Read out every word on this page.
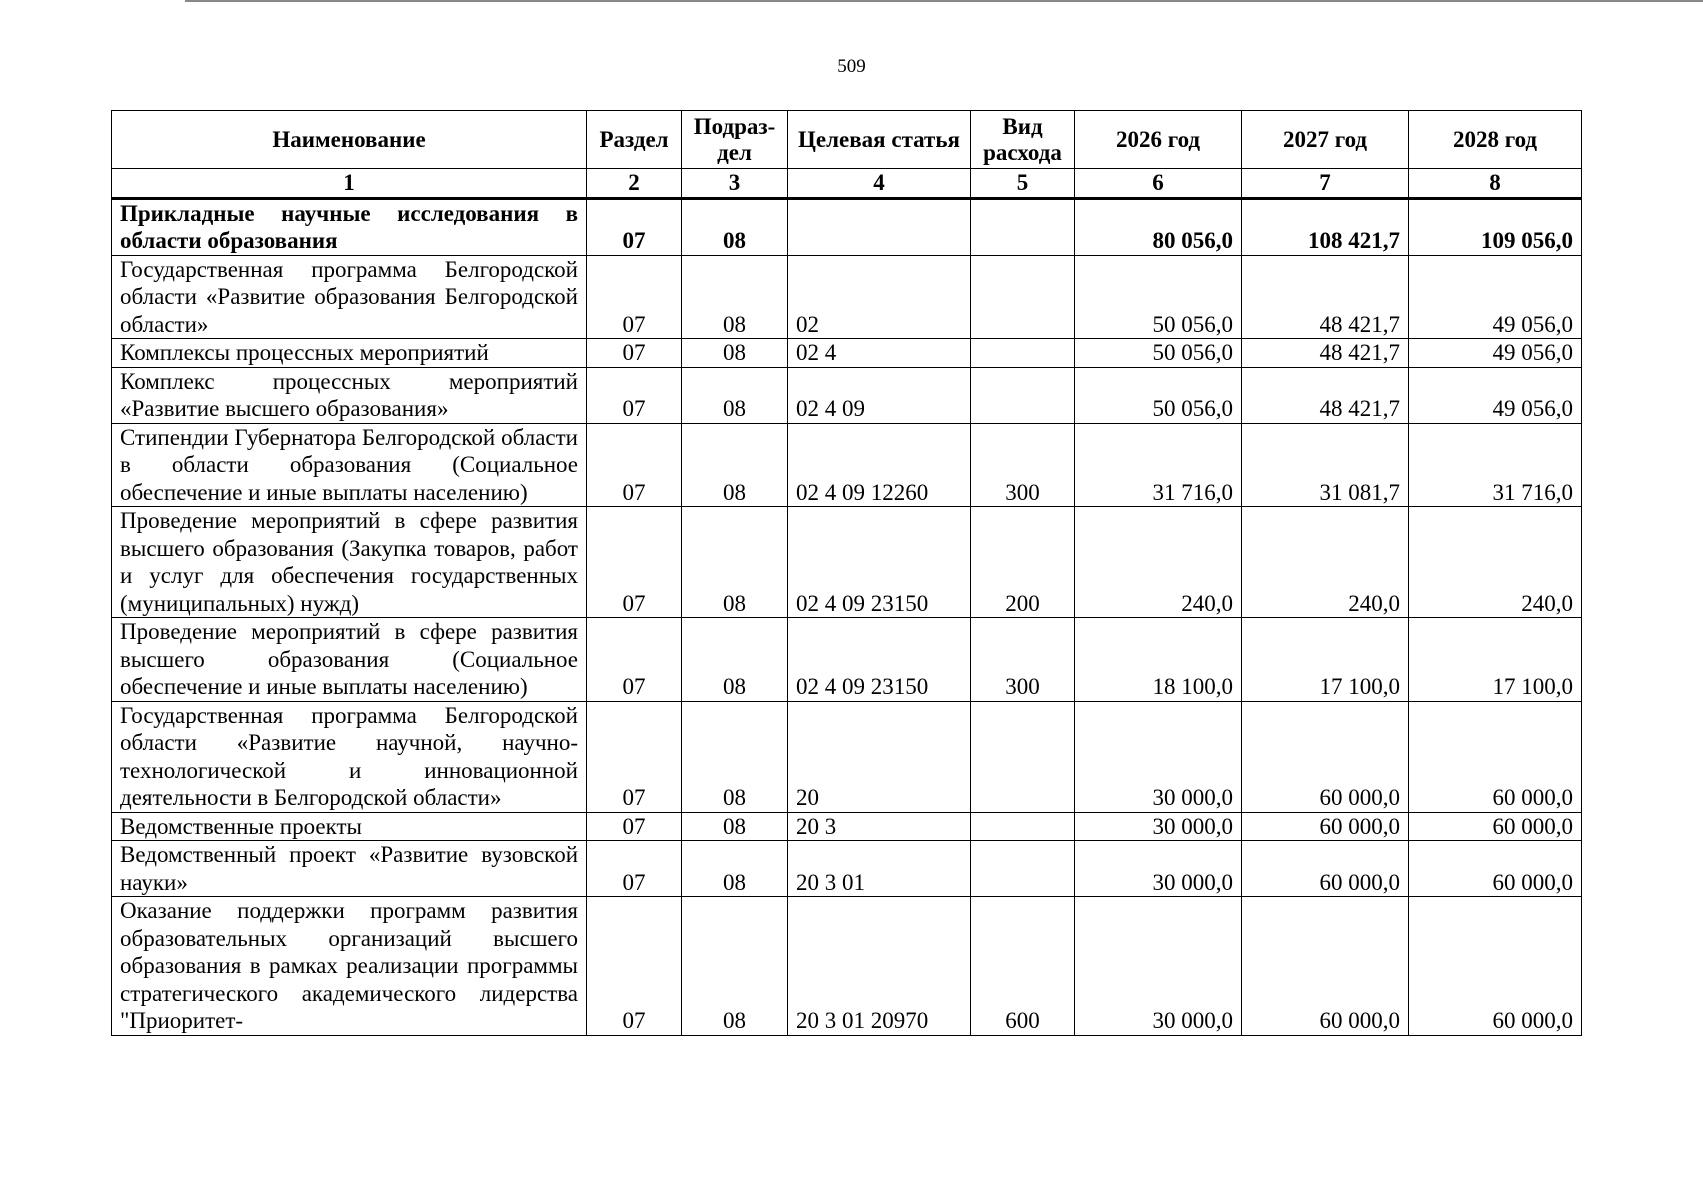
509
Наименование	Раздел	Подраз-дел	Целевая статья	Вид расхода	2026 год	2027 год	2028 год
1	2	3	4	5	6	7	8
Прикладные научные исследования в области образования	07	08			80 056,0	108 421,7	109 056,0
Государственная программа Белгородской области «Развитие образования Белгородской области»	07	08	02		50 056,0	48 421,7	49 056,0
Комплексы процессных мероприятий	07	08	02 4		50 056,0	48 421,7	49 056,0
Комплекс процессных мероприятий «Развитие высшего образования»	07	08	02 4 09		50 056,0	48 421,7	49 056,0
Стипендии Губернатора Белгородской области в области образования (Социальное обеспечение и иные выплаты населению)	07	08	02 4 09 12260	300	31 716,0	31 081,7	31 716,0
Проведение мероприятий в сфере развития высшего образования (Закупка товаров, работ и услуг для обеспечения государственных (муниципальных) нужд)	07	08	02 4 09 23150	200	240,0	240,0	240,0
Проведение мероприятий в сфере развития высшего образования (Социальное обеспечение и иные выплаты населению)	07	08	02 4 09 23150	300	18 100,0	17 100,0	17 100,0
Государственная программа Белгородской области «Развитие научной, научно-технологической и инновационной деятельности в Белгородской области»	07	08	20		30 000,0	60 000,0	60 000,0
Ведомственные проекты	07	08	20 3		30 000,0	60 000,0	60 000,0
Ведомственный проект «Развитие вузовской науки»	07	08	20 3 01		30 000,0	60 000,0	60 000,0
Оказание поддержки программ развития образовательных организаций высшего образования в рамках реализации программы стратегического академического лидерства "Приоритет-	07	08	20 3 01 20970	600	30 000,0	60 000,0	60 000,0
